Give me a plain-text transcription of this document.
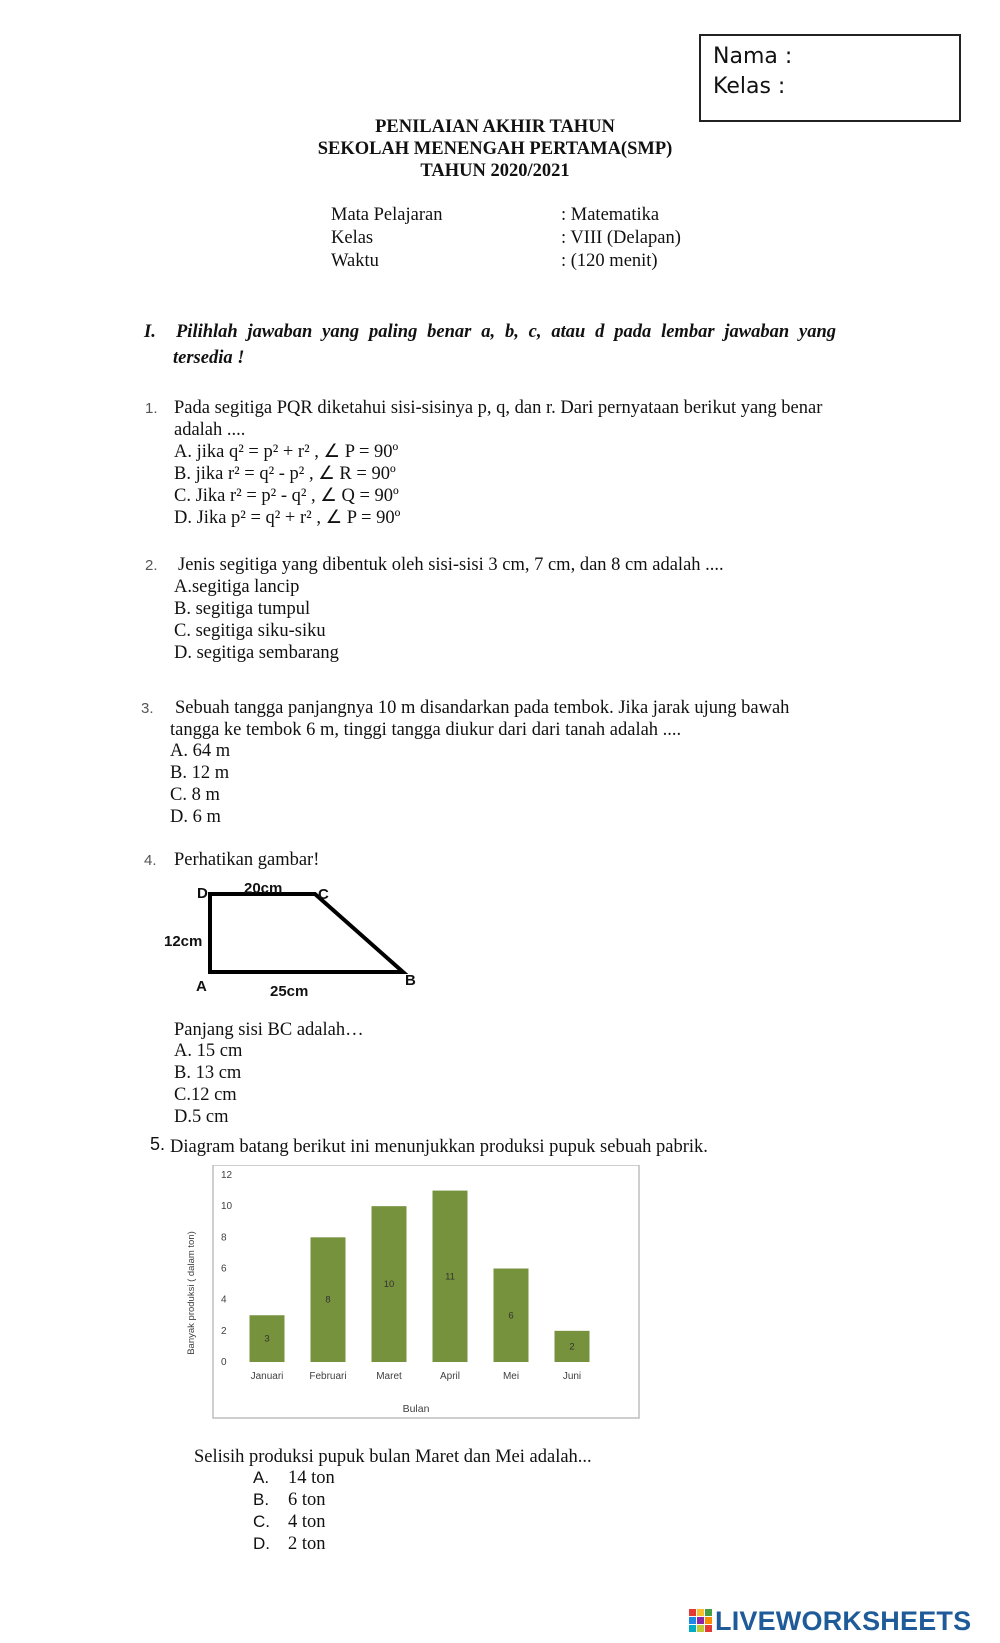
Nama :
Kelas :
PENILAIAN AKHIR TAHUN
SEKOLAH MENENGAH PERTAMA(SMP)
TAHUN 2020/2021
Mata Pelajaran	: Matematika
Kelas	: VIII (Delapan)
Waktu	: (120 menit)
I. Pilihlah jawaban yang paling benar a, b, c, atau d pada lembar jawaban yang
tersedia !
1. Pada segitiga PQR diketahui sisi-sisinya p, q, dan r. Dari pernyataan berikut yang benar
adalah ....
A. jika q² = p² + r² , ∠ P = 90º
B. jika r² = q² - p² , ∠ R = 90º
C. Jika r² = p² - q² , ∠ Q = 90º
D. Jika p² = q² + r² , ∠ P = 90º
2. Jenis segitiga yang dibentuk oleh sisi-sisi 3 cm, 7 cm, dan 8 cm adalah ....
A.segitiga lancip
B. segitiga tumpul
C. segitiga siku-siku
D. segitiga sembarang
3. Sebuah tangga panjangnya 10 m disandarkan pada tembok. Jika jarak ujung bawah
tangga ke tembok 6 m, tinggi tangga diukur dari dari tanah adalah ....
A. 64 m
B. 12 m
C. 8 m
D. 6 m
4. Perhatikan gambar!
D 20cm C
12cm
A	25cm
B
Panjang sisi BC adalah…
A. 15 cm
B. 13 cm
C.12 cm
D.5 cm
5. Diagram batang berikut ini menunjukkan produksi pupuk sebuah pabrik.
0
2
4
6
8
10
12
3
8
10
11
6
2
Januari	Februari	Maret	April	Mei	Juni
Bulan
Banyak produksi ( dalam ton)
Selisih produksi pupuk bulan Maret dan Mei adalah...
A. 14 ton
B. 6 ton
C. 4 ton
D. 2 ton
LIVEWORKSHEETS
